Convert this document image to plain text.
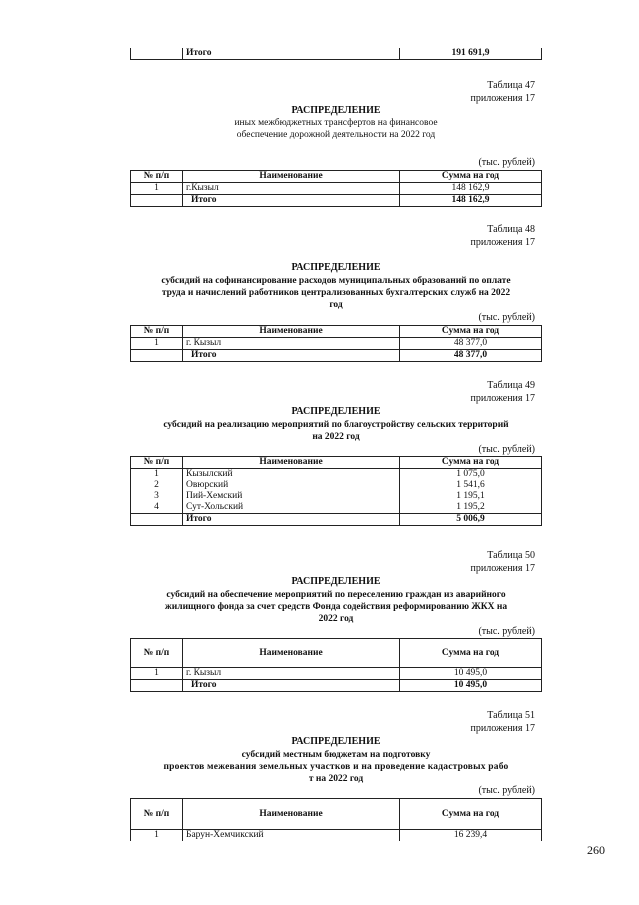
	Итого	191 691,9
Таблица 47
приложения 17
РАСПРЕДЕЛЕНИЕ
иных межбюджетных трансфертов на финансовое
обеспечение дорожной деятельности на 2022 год
(тыс. рублей)
№ п/п	Наименование	Сумма на год
1	г.Кызыл	148 162,9
	Итого	148 162,9
Таблица 48
приложения 17
РАСПРЕДЕЛЕНИЕ
субсидий на софинансирование расходов муниципальных образований по оплате
труда и начислений работников централизованных бухгалтерских служб на 2022
год
(тыс. рублей)
№ п/п	Наименование	Сумма на год
1	г. Кызыл	48 377,0
	Итого	48 377,0
Таблица 49
приложения 17
РАСПРЕДЕЛЕНИЕ
субсидий на реализацию мероприятий по благоустройству сельских территорий
на 2022 год
(тыс. рублей)
№ п/п	Наименование	Сумма на год
1	Кызылский	1 075,0
2	Овюрский	1 541,6
3	Пий-Хемский	1 195,1
4	Сут-Хольский	1 195,2
	Итого	5 006,9
Таблица 50
приложения 17
РАСПРЕДЕЛЕНИЕ
субсидий на обеспечение мероприятий по переселению граждан из аварийного
жилищного фонда за счет средств Фонда содействия реформированию ЖКХ на
2022 год
(тыс. рублей)
№ п/п	Наименование	Сумма на год
1	г. Кызыл	10 495,0
	Итого	10 495,0
Таблица 51
приложения 17
РАСПРЕДЕЛЕНИЕ
субсидий местным бюджетам на подготовку
проектов межевания земельных участков и на проведение кадастровых рабо
т на 2022 год
(тыс. рублей)
№ п/п	Наименование	Сумма на год
1	Барун-Хемчикский	16 239,4
260
